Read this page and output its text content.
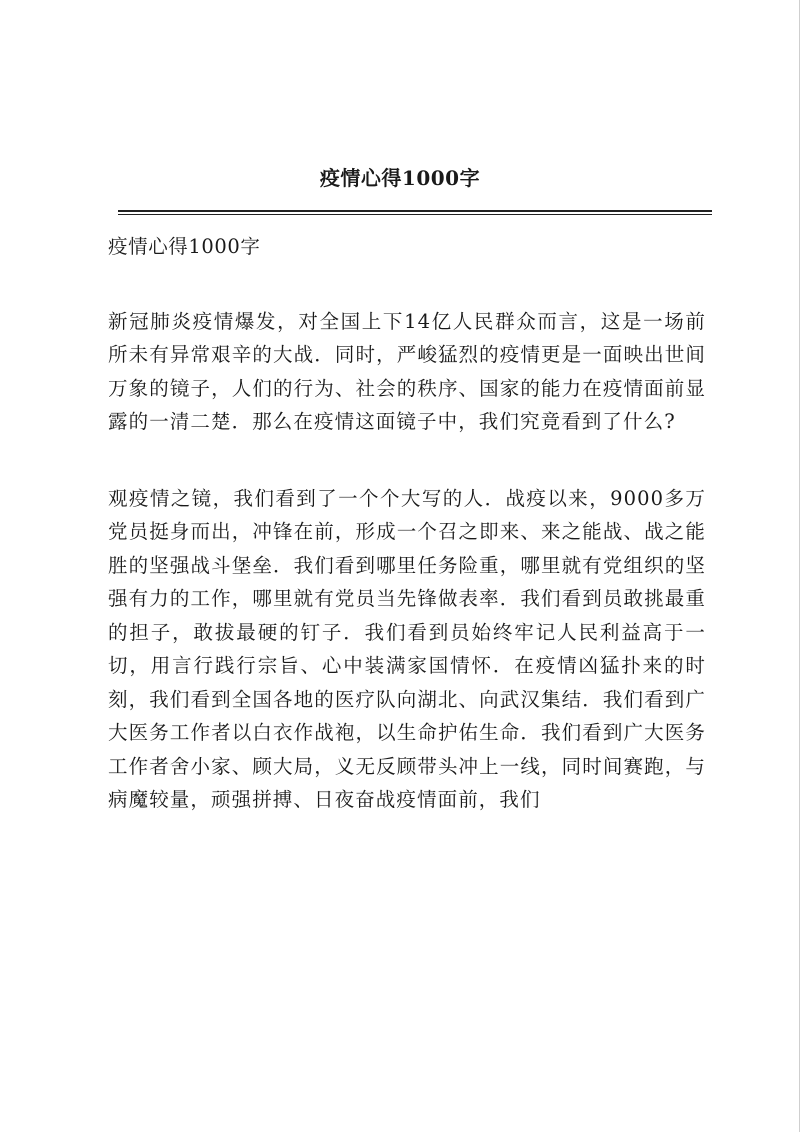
疫情心得1000字

疫情心得1000字

新冠肺炎疫情爆发，对全国上下14亿人民群众而言，这是一场前所未有异常艰辛的大战．同时，严峻猛烈的疫情更是一面映出世间万象的镜子，人们的行为、社会的秩序、国家的能力在疫情面前显露的一清二楚．那么在疫情这面镜子中，我们究竟看到了什么?

观疫情之镜，我们看到了一个个大写的人．战疫以来，9000多万党员挺身而出，冲锋在前，形成一个召之即来、来之能战、战之能胜的坚强战斗堡垒．我们看到哪里任务险重，哪里就有党组织的坚强有力的工作，哪里就有党员当先锋做表率．我们看到员敢挑最重的担子，敢拔最硬的钉子．我们看到员始终牢记人民利益高于一切，用言行践行宗旨、心中装满家国情怀．在疫情凶猛扑来的时刻，我们看到全国各地的医疗队向湖北、向武汉集结．我们看到广大医务工作者以白衣作战袍，以生命护佑生命．我们看到广大医务工作者舍小家、顾大局，义无反顾带头冲上一线，同时间赛跑，与病魔较量，顽强拼搏、日夜奋战疫情面前，我们
